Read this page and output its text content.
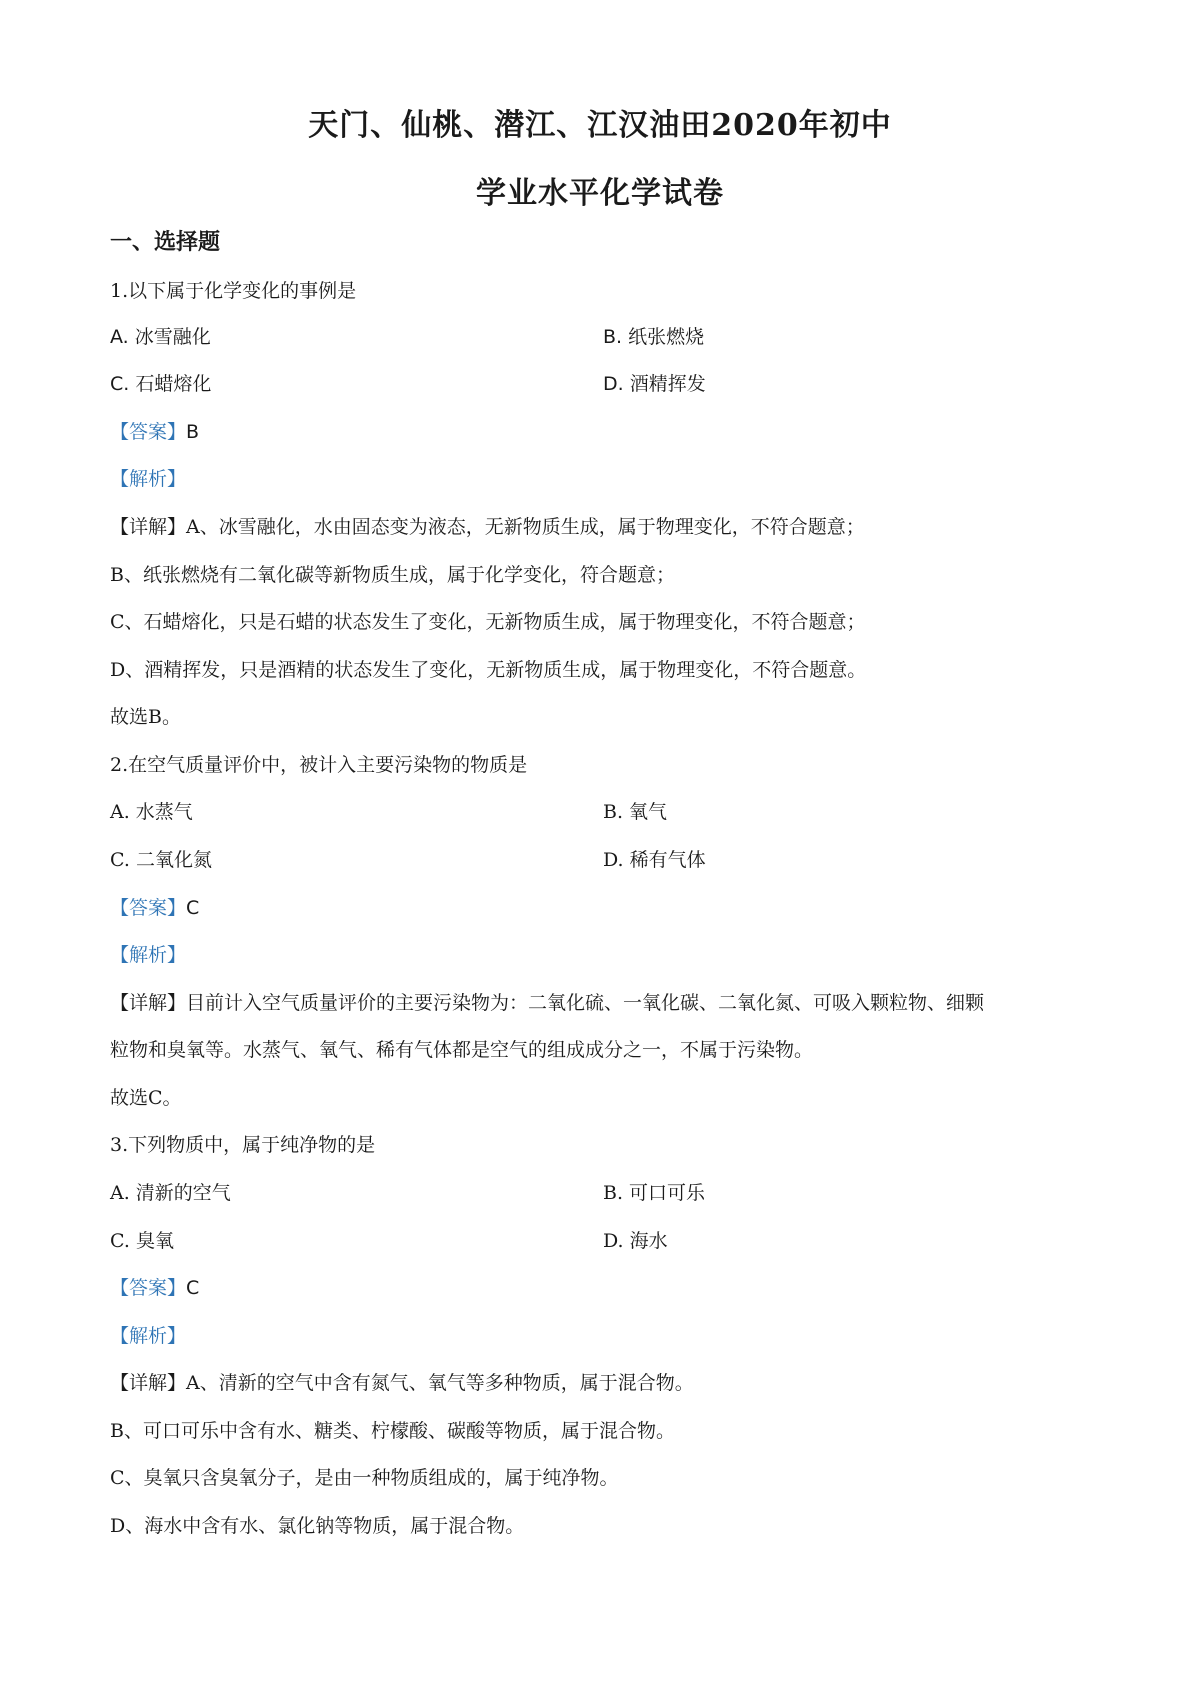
天门、仙桃、潜江、江汉油田2020年初中
学业水平化学试卷
一、选择题
1.以下属于化学变化的事例是
A. 冰雪融化	B. 纸张燃烧
C. 石蜡熔化	D. 酒精挥发
【答案】B
【解析】
【详解】A、冰雪融化，水由固态变为液态，无新物质生成，属于物理变化，不符合题意；
B、纸张燃烧有二氧化碳等新物质生成，属于化学变化，符合题意；
C、石蜡熔化，只是石蜡的状态发生了变化，无新物质生成，属于物理变化，不符合题意；
D、酒精挥发，只是酒精的状态发生了变化，无新物质生成，属于物理变化，不符合题意。
故选B。
2.在空气质量评价中，被计入主要污染物的物质是
A. 水蒸气	B. 氧气
C. 二氧化氮	D. 稀有气体
【答案】C
【解析】
【详解】目前计入空气质量评价的主要污染物为：二氧化硫、一氧化碳、二氧化氮、可吸入颗粒物、细颗
粒物和臭氧等。水蒸气、氧气、稀有气体都是空气的组成成分之一，不属于污染物。
故选C。
3.下列物质中，属于纯净物的是
A. 清新的空气	B. 可口可乐
C. 臭氧	D. 海水
【答案】C
【解析】
【详解】A、清新的空气中含有氮气、氧气等多种物质，属于混合物。
B、可口可乐中含有水、糖类、柠檬酸、碳酸等物质，属于混合物。
C、臭氧只含臭氧分子，是由一种物质组成的，属于纯净物。
D、海水中含有水、氯化钠等物质，属于混合物。
